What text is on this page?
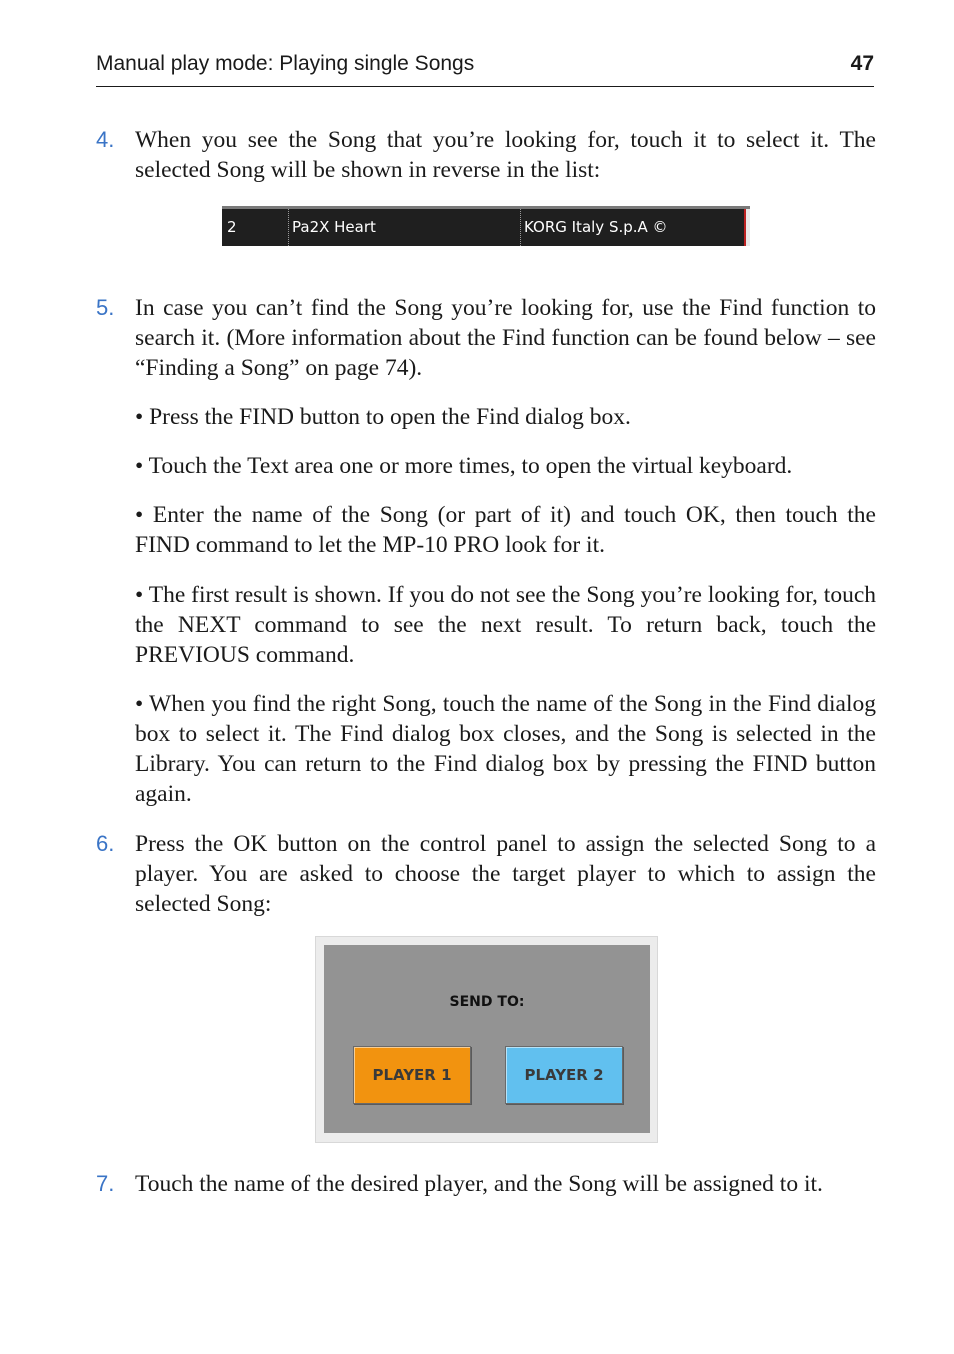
Manual play mode: Playing single Songs	47
4. When you see the Song that you’re looking for, touch it to select it. The selected Song will be shown in reverse in the list:
2	Pa2X Heart	KORG Italy S.p.A ©
5. In case you can’t find the Song you’re looking for, use the Find function to search it. (More information about the Find function can be found below – see “Finding a Song” on page 74).
• Press the FIND button to open the Find dialog box.
• Touch the Text area one or more times, to open the virtual keyboard.
• Enter the name of the Song (or part of it) and touch OK, then touch the FIND command to let the MP-10 PRO look for it.
• The first result is shown. If you do not see the Song you’re looking for, touch the NEXT command to see the next result. To return back, touch the PREVIOUS command.
• When you find the right Song, touch the name of the Song in the Find dialog box to select it. The Find dialog box closes, and the Song is selected in the Library. You can return to the Find dialog box by pressing the FIND button again.
6. Press the OK button on the control panel to assign the selected Song to a player. You are asked to choose the target player to which to assign the selected Song:
SEND TO:
PLAYER 1	PLAYER 2
7. Touch the name of the desired player, and the Song will be assigned to it.
